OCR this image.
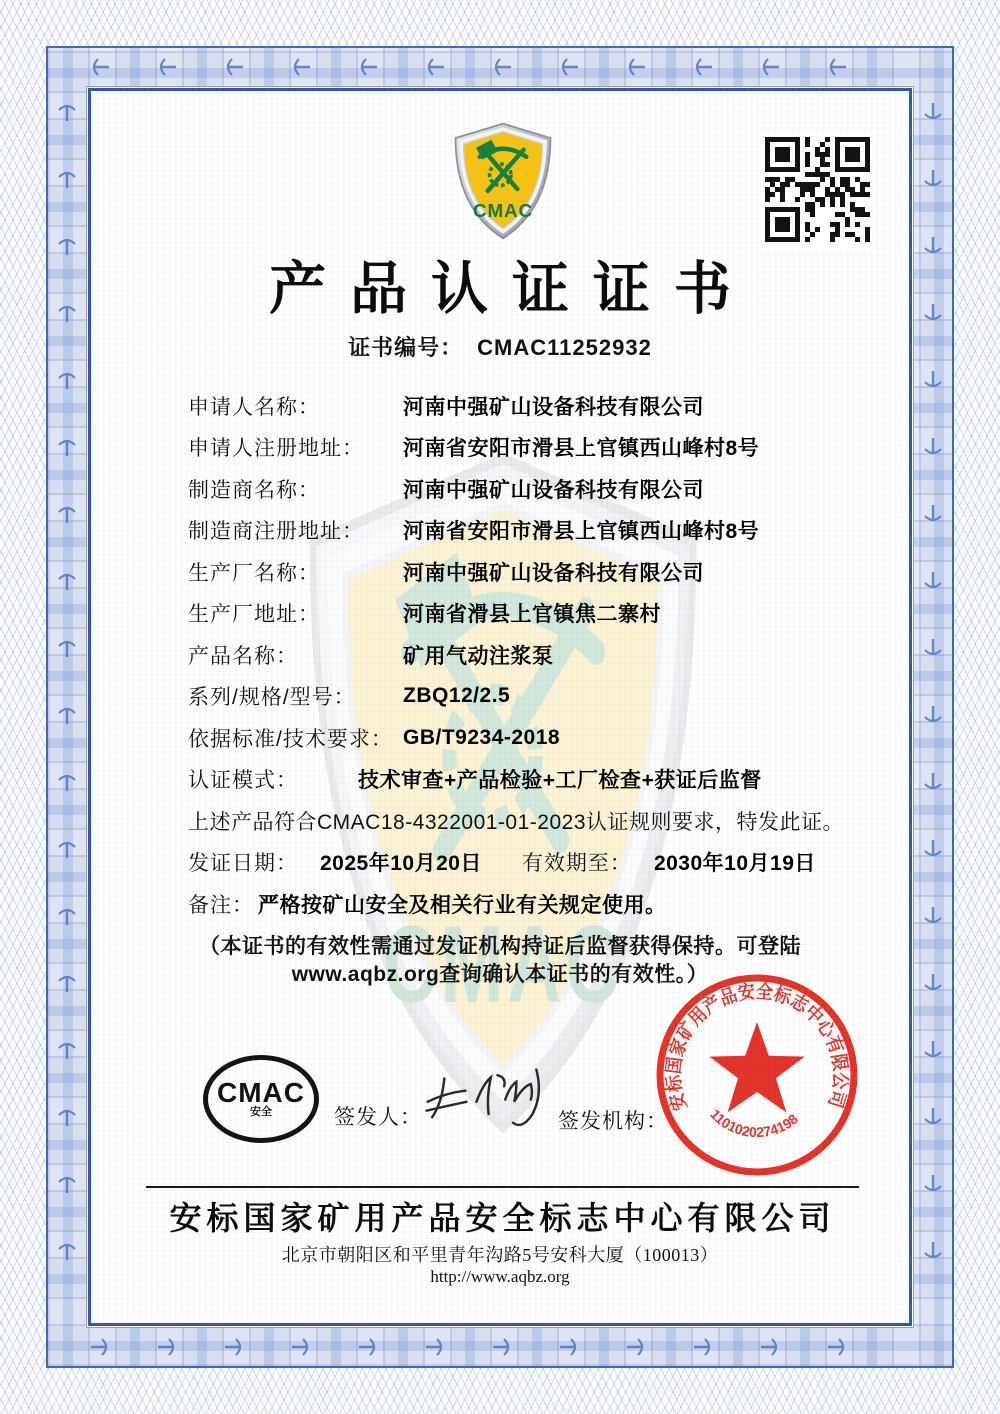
产品认证证书
证书编号： CMAC11252932
申请人名称：	河南中强矿山设备科技有限公司
申请人注册地址：	河南省安阳市滑县上官镇西山峰村8号
制造商名称：	河南中强矿山设备科技有限公司
制造商注册地址：	河南省安阳市滑县上官镇西山峰村8号
生产厂名称：	河南中强矿山设备科技有限公司
生产厂地址：	河南省滑县上官镇焦二寨村
产品名称：	矿用气动注浆泵
系列/规格/型号：	ZBQ12/2.5
依据标准/技术要求： GB/T9234-2018
认证模式：	技术审查+产品检验+工厂检查+获证后监督
上述产品符合CMAC18-4322001-01-2023认证规则要求，特发此证。
发证日期： 2025年10月20日 有效期至： 2030年10月19日
备注： 严格按矿山安全及相关行业有关规定使用。
（本证书的有效性需通过发证机构持证后监督获得保持。可登陆
www.aqbz.org查询确认本证书的有效性。）
CMAC
安全	签发人：	签发机构：
安标国家矿用产品安全标志中心有限公司
1101020274198
安标国家矿用产品安全标志中心有限公司
北京市朝阳区和平里青年沟路5号安科大厦（100013）
http://www.aqbz.org
